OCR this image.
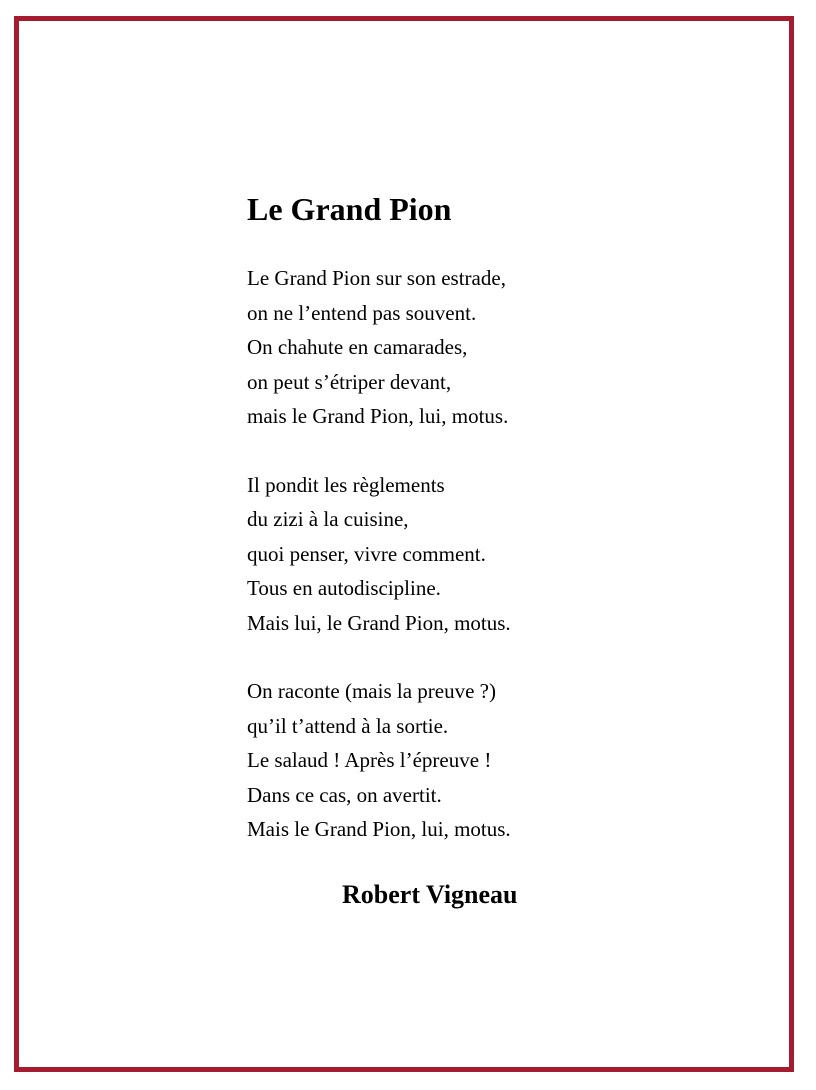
Le Grand Pion

Le Grand Pion sur son estrade,
on ne l’entend pas souvent.
On chahute en camarades,
on peut s’étriper devant,
mais le Grand Pion, lui, motus.

Il pondit les règlements
du zizi à la cuisine,
quoi penser, vivre comment.
Tous en autodiscipline.
Mais lui, le Grand Pion, motus.

On raconte (mais la preuve ?)
qu’il t’attend à la sortie.
Le salaud ! Après l’épreuve !
Dans ce cas, on avertit.
Mais le Grand Pion, lui, motus.

Robert Vigneau
